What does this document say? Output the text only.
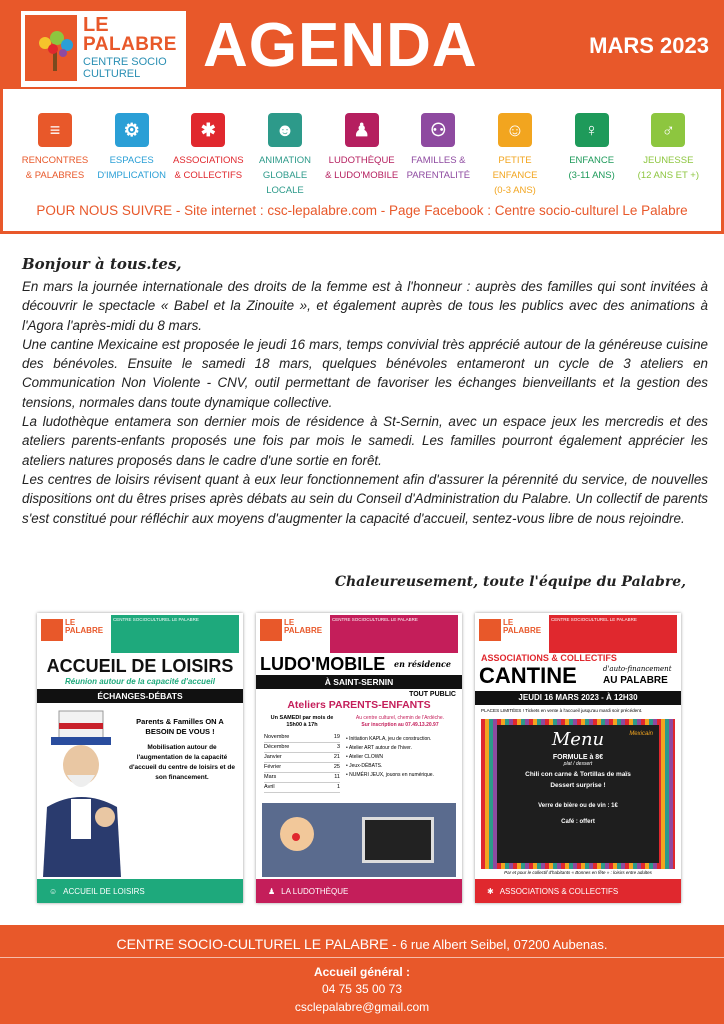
LE
PALABRE
CENTRE SOCIO CULTUREL	AGENDA	MARS 2023
≡
RENCONTRES
& PALABRES
⚙
ESPACES
D'IMPLICATION
✱
ASSOCIATIONS
& COLLECTIFS
☻
ANIMATION
GLOBALE LOCALE
♟
LUDOTHÈQUE
& LUDO'MOBILE
⚇
FAMILLES &
PARENTALITÉ
☺
PETITE ENFANCE
(0-3 ANS)
♀
ENFANCE
(3-11 ANS)
♂
JEUNESSE
(12 ANS ET +)
POUR NOUS SUIVRE - Site internet : csc-lepalabre.com - Page Facebook : Centre socio-culturel Le Palabre
Bonjour à tous.tes,

En mars la journée internationale des droits de la femme est à l'honneur : auprès des familles qui sont invitées à découvrir le spectacle « Babel et la Zinouite », et également auprès de tous les publics avec des animations à l'Agora l'après-midi du 8 mars.

Une cantine Mexicaine est proposée le jeudi 16 mars, temps convivial très apprécié autour de la généreuse cuisine des bénévoles. Ensuite le samedi 18 mars, quelques bénévoles entameront un cycle de 3 ateliers en Communication Non Violente - CNV, outil permettant de favoriser les échanges bienveillants et la gestion des tensions, normales dans toute dynamique collective.

La ludothèque entamera son dernier mois de résidence à St-Sernin, avec un espace jeux les mercredis et des ateliers parents-enfants proposés une fois par mois le samedi. Les familles pourront également apprécier les ateliers natures proposés dans le cadre d'une sortie en forêt.

Les centres de loisirs révisent quant à eux leur fonctionnement afin d'assurer la pérennité du service, de nouvelles dispositions ont du êtres prises après débats au sein du Conseil d'Administration du Palabre. Un collectif de parents s'est constitué pour réfléchir aux moyens d'augmenter la capacité d'accueil, sentez-vous libre de nous rejoindre.

Chaleureusement, toute l'équipe du Palabre,
LE
PALABRE
CENTRE SOCIOCULTUREL LE PALABRE
ACCUEIL DE LOISIRS
Réunion autour de la capacité d'accueil
ÉCHANGES-DÉBATS
Parents & Familles ON A BESOIN DE VOUS !
Mobilisation autour de l'augmentation de la capacité d'accueil du centre de loisirs et de son financement.
☺ ACCUEIL DE LOISIRS
LE
PALABRE
CENTRE SOCIOCULTUREL LE PALABRE
LUDO'MOBILE en résidence
À SAINT-SERNIN
TOUT PUBLIC
Ateliers PARENTS-ENFANTS
Un SAMEDI par mois de 15h00 à 17h
Au centre culturel, chemin de l'Ardèche.
Sur inscription au 07.49.13.20.97
Novembre	19
Décembre	3
Janvier	21
Février	25
Mars	11
Avril	1
• Initiation KAPLA, jeu de construction.
• Atelier ART autour de l'hiver.
• Atelier CLOWN
• Jeux-DÉBATS.
• NUMÉRI JEUX, jouons en numérique.
♟ LA LUDOTHÈQUE
LE
PALABRE
CENTRE SOCIOCULTUREL LE PALABRE
ASSOCIATIONS & COLLECTIFS
CANTINE	d'auto-financement
AU PALABRE
JEUDI 16 MARS 2023 - À 12H30
PLACES LIMITÉES ! Tickets en vente à l'accueil jusqu'au mardi soir précédent.
Menu	Mexicain
FORMULE à 8€
plat / dessert
Chili con carne & Tortillas de maïs
Dessert surprise !
Verre de bière ou de vin : 1€
Café : offert
Par et pour le collectif d'habitants « Bonnes en fête » : loisirs entre adultes
✱ ASSOCIATIONS & COLLECTIFS
CENTRE SOCIO-CULTUREL LE PALABRE - 6 rue Albert Seibel, 07200 Aubenas.
Accueil général :
04 75 35 00 73
csclepalabre@gmail.com
